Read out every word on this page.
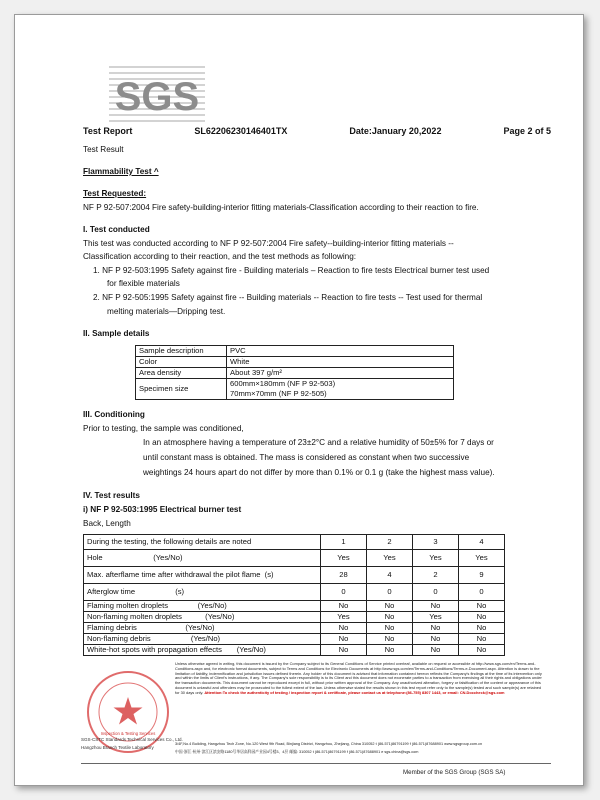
SGS
Test Report	SL62206230146401TX	Date:January 20,2022	Page 2 of 5
Test Result
Flammability Test ^
Test Requested:
NF P 92-507:2004 Fire safety-building-interior fitting materials-Classification according to their reaction to fire.
I. Test conducted
This test was conducted according to NF P 92-507:2004 Fire safety--building-interior fitting materials --
Classification according to their reaction, and the test methods as following:
1. NF P 92-503:1995 Safety against fire - Building materials – Reaction to fire tests Electrical burner test used
for flexible materials
2. NF P 92-505:1995 Safety against fire -- Building materials -- Reaction to fire tests -- Test used for thermal
melting materials—Dripping test.
II. Sample details
Sample description	PVC
Color	White
Area density	About 397 g/m²
Specimen size	600mm×180mm (NF P 92-503)
70mm×70mm (NF P 92-505)
III. Conditioning
Prior to testing, the sample was conditioned,
In an atmosphere having a temperature of 23±2°C and a relative humidity of 50±5% for 7 days or
until constant mass is obtained. The mass is considered as constant when two successive
weightings 24 hours apart do not differ by more than 0.1% or 0.1 g (take the highest mass value).
IV. Test results
i) NF P 92-503:1995 Electrical burner test
Back, Length
During the testing, the following details are noted	1	2	3	4
Hole                        (Yes/No)	Yes	Yes	Yes	Yes
Max. afterflame time after withdrawal the pilot flame  (s)	28	4	2	9
Afterglow time                   (s)	0	0	0	0
Flaming molten droplets              (Yes/No)	No	No	No	No
Non-flaming molten droplets           (Yes/No)	Yes	No	Yes	No
Flaming debris                       (Yes/No)	No	No	No	No
Non-flaming debris                   (Yes/No)	No	No	No	No
White-hot spots with propagation effects       (Yes/No)	No	No	No	No
Inspection & Testing Services
SGS-CSTC Standards Technical Services Co., Ltd.
Hangzhou Branch Textile Laboratory
Unless otherwise agreed in writing, this document is issued by the Company subject to its General Conditions of Service printed overleaf, available on request or accessible at http://www.sgs.com/en/Terms-and-Conditions.aspx and, for electronic format documents, subject to Terms and Conditions for Electronic Documents at http://www.sgs.com/en/Terms-and-Conditions/Terms-e-Document.aspx. Attention is drawn to the limitation of liability, indemnification and jurisdiction issues defined therein. Any holder of this document is advised that information contained hereon reflects the Company's findings at the time of its intervention only and within the limits of Client's instructions, if any. The Company's sole responsibility is to its Client and this document does not exonerate parties to a transaction from exercising all their rights and obligations under the transaction documents. This document cannot be reproduced except in full, without prior written approval of the Company. Any unauthorized alteration, forgery or falsification of the content or appearance of this document is unlawful and offenders may be prosecuted to the fullest extent of the law. Unless otherwise stated the results shown in this test report refer only to the sample(s) tested and such sample(s) are retained for 30 days only. Attention:To check the authenticity of testing / inspection report & certificate, please contact us at telephone:(86-755) 8307 1443, or email: CN.Doccheck@sgs.com
3/4F,No.4 Building, Hangzhou Tech Zone, No.120 West 9th Road, Binjiang District, Hangzhou, Zhejiang, China 310052 t (86-571)86791199 f (86-571)87688901 www.sgsgroup.com.cn
中国·浙江·杭州·滨江区滨安路1180号华居高科园产业园4号楼3、4层 邮编: 310052 t (86-571)86791199 f (86-571)87688901 e sgs.china@sgs.com
Member of the SGS Group (SGS SA)
